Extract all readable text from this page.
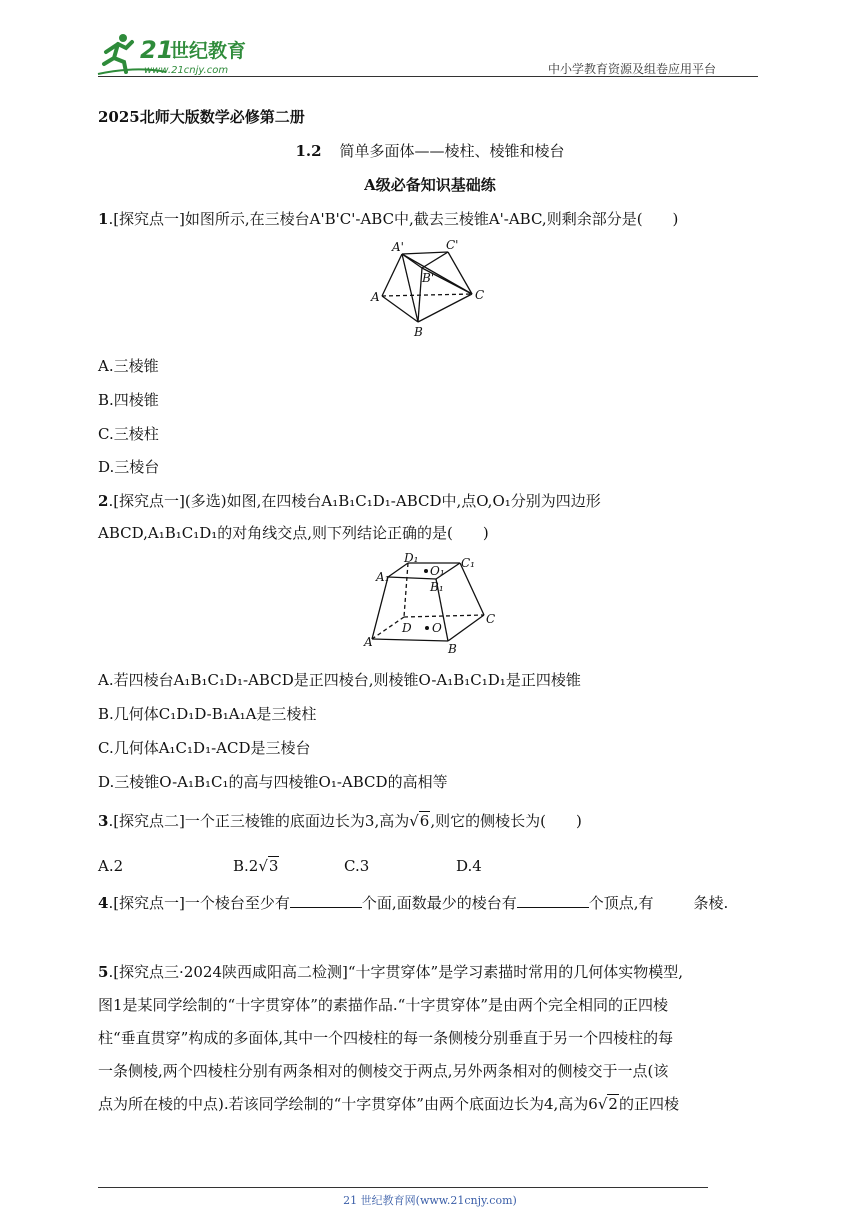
21
世纪教育
www.21cnjy.com	中小学教育资源及组卷应用平台
2025北师大版数学必修第二册
1.2 简单多面体——棱柱、棱锥和棱台
A级必备知识基础练
1.[探究点一]如图所示,在三棱台A'B'C'-ABC中,截去三棱锥A'-ABC,则剩余部分是(　　)
A'	C'
B'
A	C
B
A.三棱锥
B.四棱锥
C.三棱柱
D.三棱台
2.[探究点一](多选)如图,在四棱台A₁B₁C₁D₁-ABCD中,点O,O₁分别为四边形
ABCD,A₁B₁C₁D₁的对角线交点,则下列结论正确的是(　　)
D₁	C₁
A₁	O₁
B₁
D O
C
A	B
A.若四棱台A₁B₁C₁D₁-ABCD是正四棱台,则棱锥O-A₁B₁C₁D₁是正四棱锥
B.几何体C₁D₁D-B₁A₁A是三棱柱
C.几何体A₁C₁D₁-ACD是三棱台
D.三棱锥O-A₁B₁C₁的高与四棱锥O₁-ABCD的高相等
3.[探究点二]一个正三棱锥的底面边长为3,高为√6,则它的侧棱长为(　　)
A.2	B.2√3	C.3	D.4
4.[探究点一]一个棱台至少有	个面,面数最少的棱台有	个顶点,有	条棱.
5.[探究点三·2024陕西咸阳高二检测]“十字贯穿体”是学习素描时常用的几何体实物模型,
图1是某同学绘制的“十字贯穿体”的素描作品.“十字贯穿体”是由两个完全相同的正四棱
柱“垂直贯穿”构成的多面体,其中一个四棱柱的每一条侧棱分别垂直于另一个四棱柱的每
一条侧棱,两个四棱柱分别有两条相对的侧棱交于两点,另外两条相对的侧棱交于一点(该
点为所在棱的中点).若该同学绘制的“十字贯穿体”由两个底面边长为4,高为6√2的正四棱
21 世纪教育网(www.21cnjy.com)
